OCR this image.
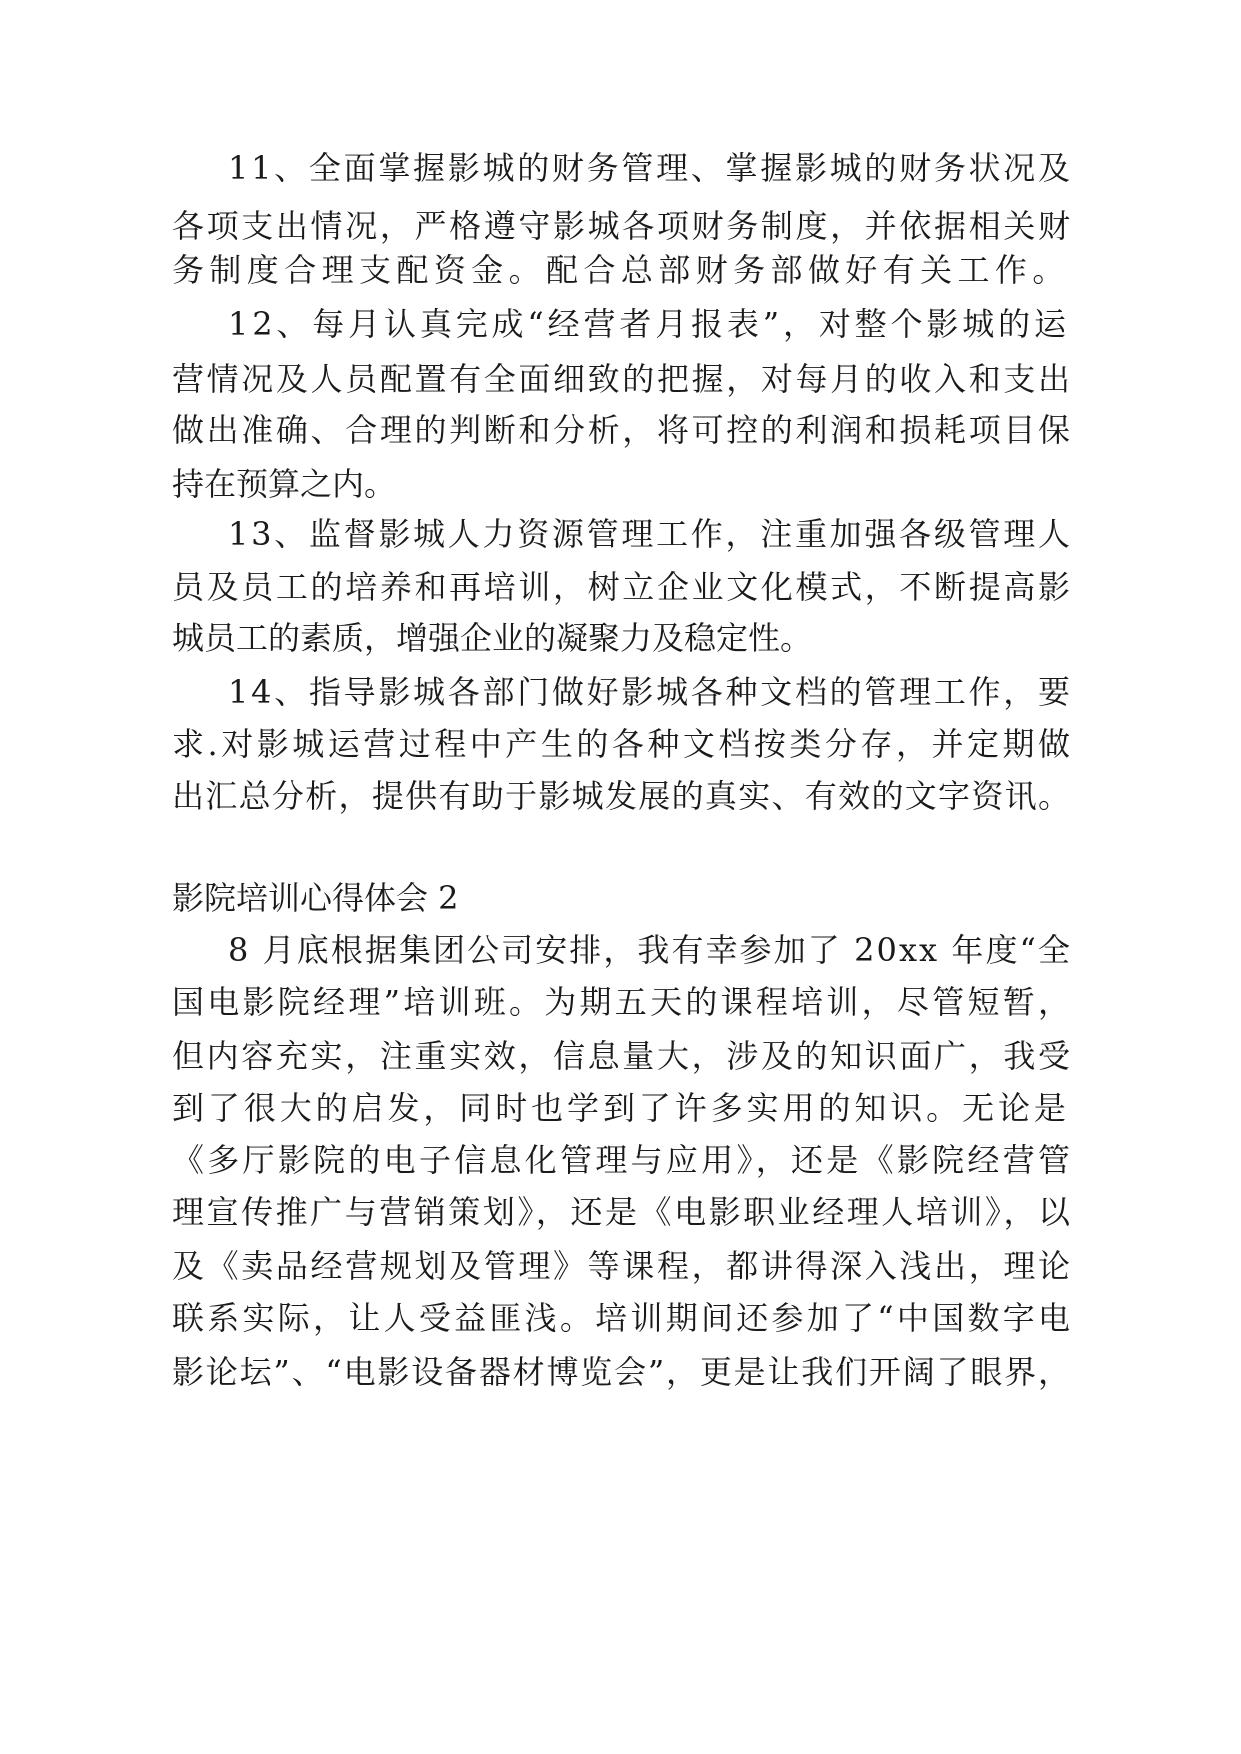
11、全面掌握影城的财务管理、掌握影城的财务状况及
各项支出情况，严格遵守影城各项财务制度，并依据相关财
务制度合理支配资金。配合总部财务部做好有关工作。
12、每月认真完成“经营者月报表”，对整个影城的运
营情况及人员配置有全面细致的把握，对每月的收入和支出
做出准确、合理的判断和分析，将可控的利润和损耗项目保
持在预算之内。
13、监督影城人力资源管理工作，注重加强各级管理人
员及员工的培养和再培训，树立企业文化模式，不断提高影
城员工的素质，增强企业的凝聚力及稳定性。
14、指导影城各部门做好影城各种文档的管理工作，要
求.对影城运营过程中产生的各种文档按类分存，并定期做
出汇总分析，提供有助于影城发展的真实、有效的文字资讯。
影院培训心得体会 2
8 月底根据集团公司安排，我有幸参加了 20xx 年度“全
国电影院经理”培训班。为期五天的课程培训，尽管短暂，
但内容充实，注重实效，信息量大，涉及的知识面广，我受
到了很大的启发，同时也学到了许多实用的知识。无论是
《多厅影院的电子信息化管理与应用》，还是《影院经营管
理宣传推广与营销策划》，还是《电影职业经理人培训》，以
及《卖品经营规划及管理》等课程，都讲得深入浅出，理论
联系实际，让人受益匪浅。培训期间还参加了“中国数字电
影论坛”、“电影设备器材博览会”，更是让我们开阔了眼界，
